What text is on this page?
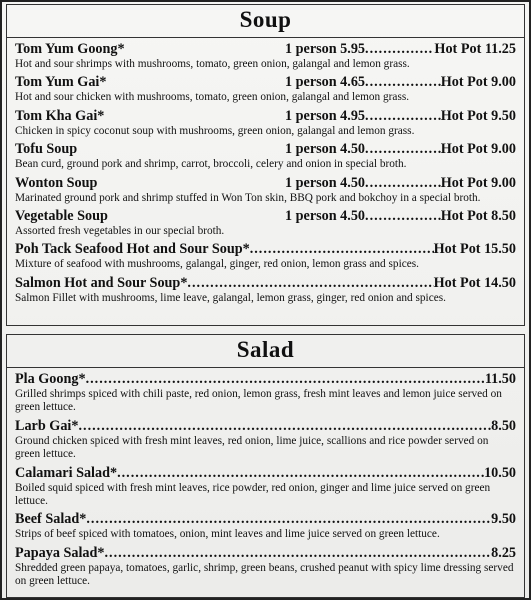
Soup
Tom Yum Goong*	1 person 5.95 .....	Hot Pot 11.25
Hot and sour shrimps with mushrooms, tomato, green onion, galangal and lemon grass.
Tom Yum Gai*	1 person 4.65 .....	Hot Pot 9.00
Hot and sour chicken with mushrooms, tomato, green onion, galangal and lemon grass.
Tom Kha Gai*	1 person 4.95 .....	Hot Pot 9.50
Chicken in spicy coconut soup with mushrooms, green onion, galangal and lemon grass.
Tofu Soup	1 person 4.50 .....	Hot Pot 9.00
Bean curd, ground pork and shrimp, carrot, broccoli, celery and onion in special broth.
Wonton Soup	1 person 4.50 .....	Hot Pot 9.00
Marinated ground pork and shrimp stuffed in Won Ton skin, BBQ pork and bokchoy in a special broth.
Vegetable Soup	1 person 4.50 .....	Hot Pot 8.50
Assorted fresh vegetables in our special broth.
Poh Tack Seafood Hot and Sour Soup* .....	Hot Pot 15.50
Mixture of seafood with mushrooms, galangal, ginger, red onion, lemon grass and spices.
Salmon Hot and Sour Soup* .....	Hot Pot 14.50
Salmon Fillet with mushrooms, lime leave, galangal, lemon grass, ginger, red onion and spices.
Salad
Pla Goong* .....	11.50
Grilled shrimps spiced with chili paste, red onion, lemon grass, fresh mint leaves and lemon juice served on green lettuce.
Larb Gai* .....	8.50
Ground chicken spiced with fresh mint leaves, red onion, lime juice, scallions and rice powder served on green lettuce.
Calamari Salad* .....	10.50
Boiled squid spiced with fresh mint leaves, rice powder, red onion, ginger and lime juice served on green lettuce.
Beef Salad* .....	9.50
Strips of beef spiced with tomatoes, onion, mint leaves and lime juice served on green lettuce.
Papaya Salad* .....	8.25
Shredded green papaya, tomatoes, garlic, shrimp, green beans, crushed peanut with spicy lime dressing served on green lettuce.
